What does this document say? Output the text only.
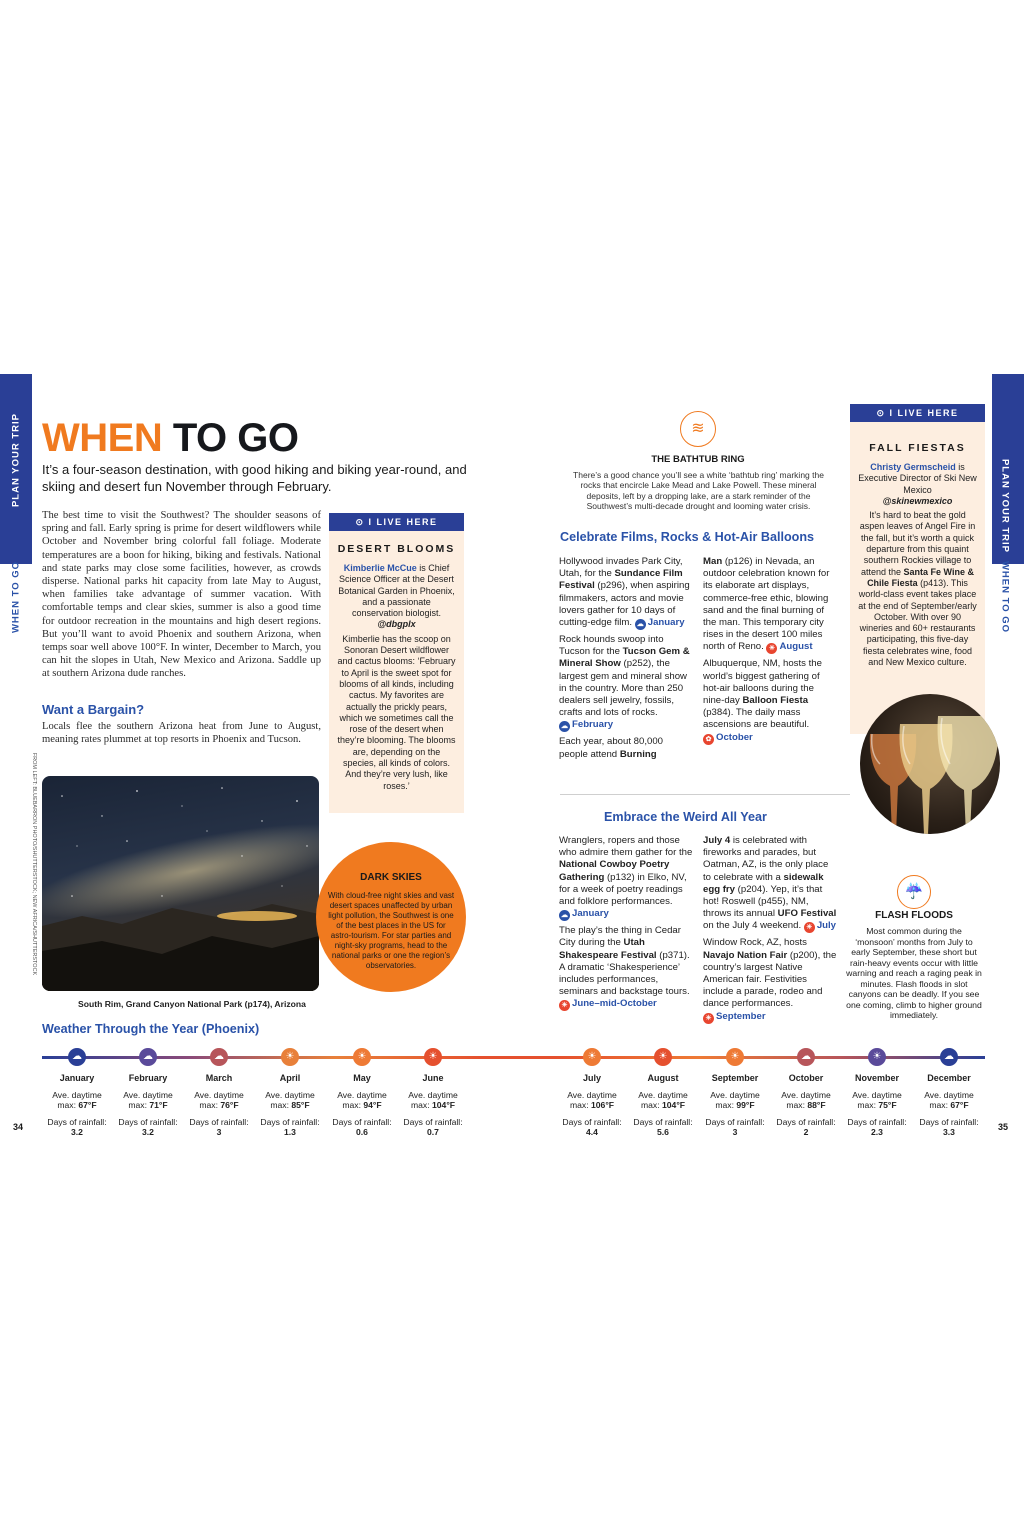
PLAN YOUR TRIP
WHEN TO GO
PLAN YOUR TRIP
WHEN TO GO
WHEN TO GO
It’s a four-season destination, with good hiking and biking year-round, and skiing and desert fun November through February.
The best time to visit the Southwest? The shoulder seasons of spring and fall. Early spring is prime for desert wildflowers while October and November bring colorful fall foliage. Moderate temperatures are a boon for hiking, biking and festivals. National and state parks may close some facilities, however, as crowds disperse. National parks hit capacity from late May to August, when families take advantage of summer vacation. With comfortable temps and clear skies, summer is also a good time for outdoor recreation in the mountains and high desert regions. But you’ll want to avoid Phoenix and southern Arizona, when temps soar well above 100°F. In winter, December to March, you can hit the slopes in Utah, New Mexico and Arizona. Saddle up at southern Arizona dude ranches.
Want a Bargain?
Locals flee the southern Arizona heat from June to August, meaning rates plummet at top resorts in Phoenix and Tucson.
⊙ I LIVE HERE
DESERT BLOOMS

Kimberlie McCue is Chief Science Officer at the Desert Botanical Garden in Phoenix, and a passionate conservation biologist.
@dbgplx

Kimberlie has the scoop on Sonoran Desert wildflower and cactus blooms: ‘February to April is the sweet spot for blooms of all kinds, including cactus. My favorites are actually the prickly pears, which we sometimes call the rose of the desert when they’re blooming. The blooms are, depending on the species, all kinds of colors. And they’re very lush, like roses.’

FROM LEFT: BLUEBARRON PHOTO/SHUTTERSTOCK; NEW AFRICA/SHUTTERSTOCK
South Rim, Grand Canyon National Park (p174), Arizona
DARK SKIES
With cloud-free night skies and vast desert spaces unaffected by urban light pollution, the Southwest is one of the best places in the US for astro-tourism. For star parties and night-sky programs, head to the national parks or one the region’s observatories.
≋
THE BATHTUB RING
There’s a good chance you’ll see a white ‘bathtub ring’ marking the rocks that encircle Lake Mead and Lake Powell. These mineral deposits, left by a dropping lake, are a stark reminder of the Southwest’s multi-decade drought and looming water crisis.
Celebrate Films, Rocks & Hot-Air Balloons

Hollywood invades Park City, Utah, for the Sundance Film Festival (p296), when aspiring filmmakers, actors and movie lovers gather for 10 days of cutting-edge film. ☁ January

Rock hounds swoop into Tucson for the Tucson Gem & Mineral Show (p252), the largest gem and mineral show in the country. More than 250 dealers sell jewelry, fossils, crafts and lots of rocks.
☁ February

Each year, about 80,000 people attend Burning

Man (p126) in Nevada, an outdoor celebration known for its elaborate art displays, commerce-free ethic, blowing sand and the final burning of the man. This temporary city rises in the desert 100 miles north of Reno. ☀ August

Albuquerque, NM, hosts the world’s biggest gathering of hot-air balloons during the nine-day Balloon Fiesta (p384). The daily mass ascensions are beautiful.
✿ October

⊙ I LIVE HERE
FALL FIESTAS

Christy Germscheid is Executive Director of Ski New Mexico
@skinewmexico

It’s hard to beat the gold aspen leaves of Angel Fire in the fall, but it’s worth a quick departure from this quaint southern Rockies village to attend the Santa Fe Wine & Chile Fiesta (p413). This world-class event takes place at the end of September/early October. With over 90 wineries and 60+ restaurants participating, this five-day fiesta celebrates wine, food and New Mexico culture.

Embrace the Weird All Year

Wranglers, ropers and those who admire them gather for the National Cowboy Poetry Gathering (p132) in Elko, NV, for a week of poetry readings and folklore performances.
☁ January

The play’s the thing in Cedar City during the Utah Shakespeare Festival (p371). A dramatic ‘Shakesperience’ includes performances, seminars and backstage tours.
☀ June–mid-October

July 4 is celebrated with fireworks and parades, but Oatman, AZ, is the only place to celebrate with a sidewalk egg fry (p204). Yep, it’s that hot! Roswell (p455), NM, throws its annual UFO Festival on the July 4 weekend. ☀ July

Window Rock, AZ, hosts Navajo Nation Fair (p200), the country’s largest Native American fair. Festivities include a parade, rodeo and dance performances.
☀ September

☔
FLASH FLOODS
Most common during the ‘monsoon’ months from July to early September, these short but rain-heavy events occur with little warning and reach a raging peak in minutes. Flash floods in slot canyons can be deadly. If you see one coming, climb to higher ground immediately.
Weather Through the Year (Phoenix)
☁
January
Ave. daytime
max: 67°F
Days of rainfall:
3.2
☁
February
Ave. daytime
max: 71°F
Days of rainfall:
3.2
☁
March
Ave. daytime
max: 76°F
Days of rainfall:
3
☀
April
Ave. daytime
max: 85°F
Days of rainfall:
1.3
☀
May
Ave. daytime
max: 94°F
Days of rainfall:
0.6
☀
June
Ave. daytime
max: 104°F
Days of rainfall:
0.7
☀
July
Ave. daytime
max: 106°F
Days of rainfall:
4.4
☀
August
Ave. daytime
max: 104°F
Days of rainfall:
5.6
☀
September
Ave. daytime
max: 99°F
Days of rainfall:
3
☁
October
Ave. daytime
max: 88°F
Days of rainfall:
2
☀
November
Ave. daytime
max: 75°F
Days of rainfall:
2.3
☁
December
Ave. daytime
max: 67°F
Days of rainfall:
3.3
34	35
